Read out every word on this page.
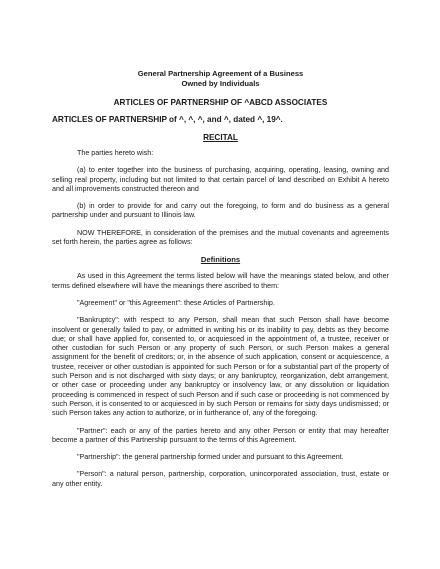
General Partnership Agreement of a Business
Owned by Individuals
ARTICLES OF PARTNERSHIP OF ^ABCD ASSOCIATES
ARTICLES OF PARTNERSHIP of ^, ^, ^, and ^, dated ^, 19^.
RECITAL

The parties hereto wish:

(a) to enter together into the business of purchasing, acquiring, operating, leasing, owning and selling real property, including but not limited to that certain parcel of land described on Exhibit A hereto and all improvements constructed thereon and

(b) in order to provide for and carry out the foregoing, to form and do business as a general partnership under and pursuant to Illinois law.

NOW THEREFORE, in consideration of the premises and the mutual covenants and agreements set forth herein, the parties agree as follows:

Definitions

As used in this Agreement the terms listed below will have the meanings stated below, and other terms defined elsewhere will have the meanings there ascribed to them:

"Agreement" or "this Agreement": these Articles of Partnership.

"Bankruptcy": with respect to any Person, shall mean that such Person shall have become insolvent or generally failed to pay, or admitted in writing his or its inability to pay, debts as they become due; or shall have applied for, consented to, or acquiesced in the appointment of, a trustee, receiver or other custodian for such Person or any property of such Person, or such Person makes a general assignment for the benefit of creditors; or, in the absence of such application, consent or acquiescence, a trustee, receiver or other custodian is appointed for such Person or for a substantial part of the property of such Person and is not discharged with sixty days; or any bankruptcy, reorganization, debt arrangement, or other case or proceeding under any bankruptcy or insolvency law, or any dissolution or liquidation proceeding is commenced in respect of such Person and if such case or proceeding is not commenced by such Person, it is consented to or acquiesced in by such Person or remains for sixty days undismissed; or such Person takes any action to authorize, or in furtherance of, any of the foregoing.

"Partner": each or any of the parties hereto and any other Person or entity that may hereafter become a partner of this Partnership pursuant to the terms of this Agreement.

"Partnership": the general partnership formed under and pursuant to this Agreement.

"Person": a natural person, partnership, corporation, unincorporated association, trust, estate or any other entity.
